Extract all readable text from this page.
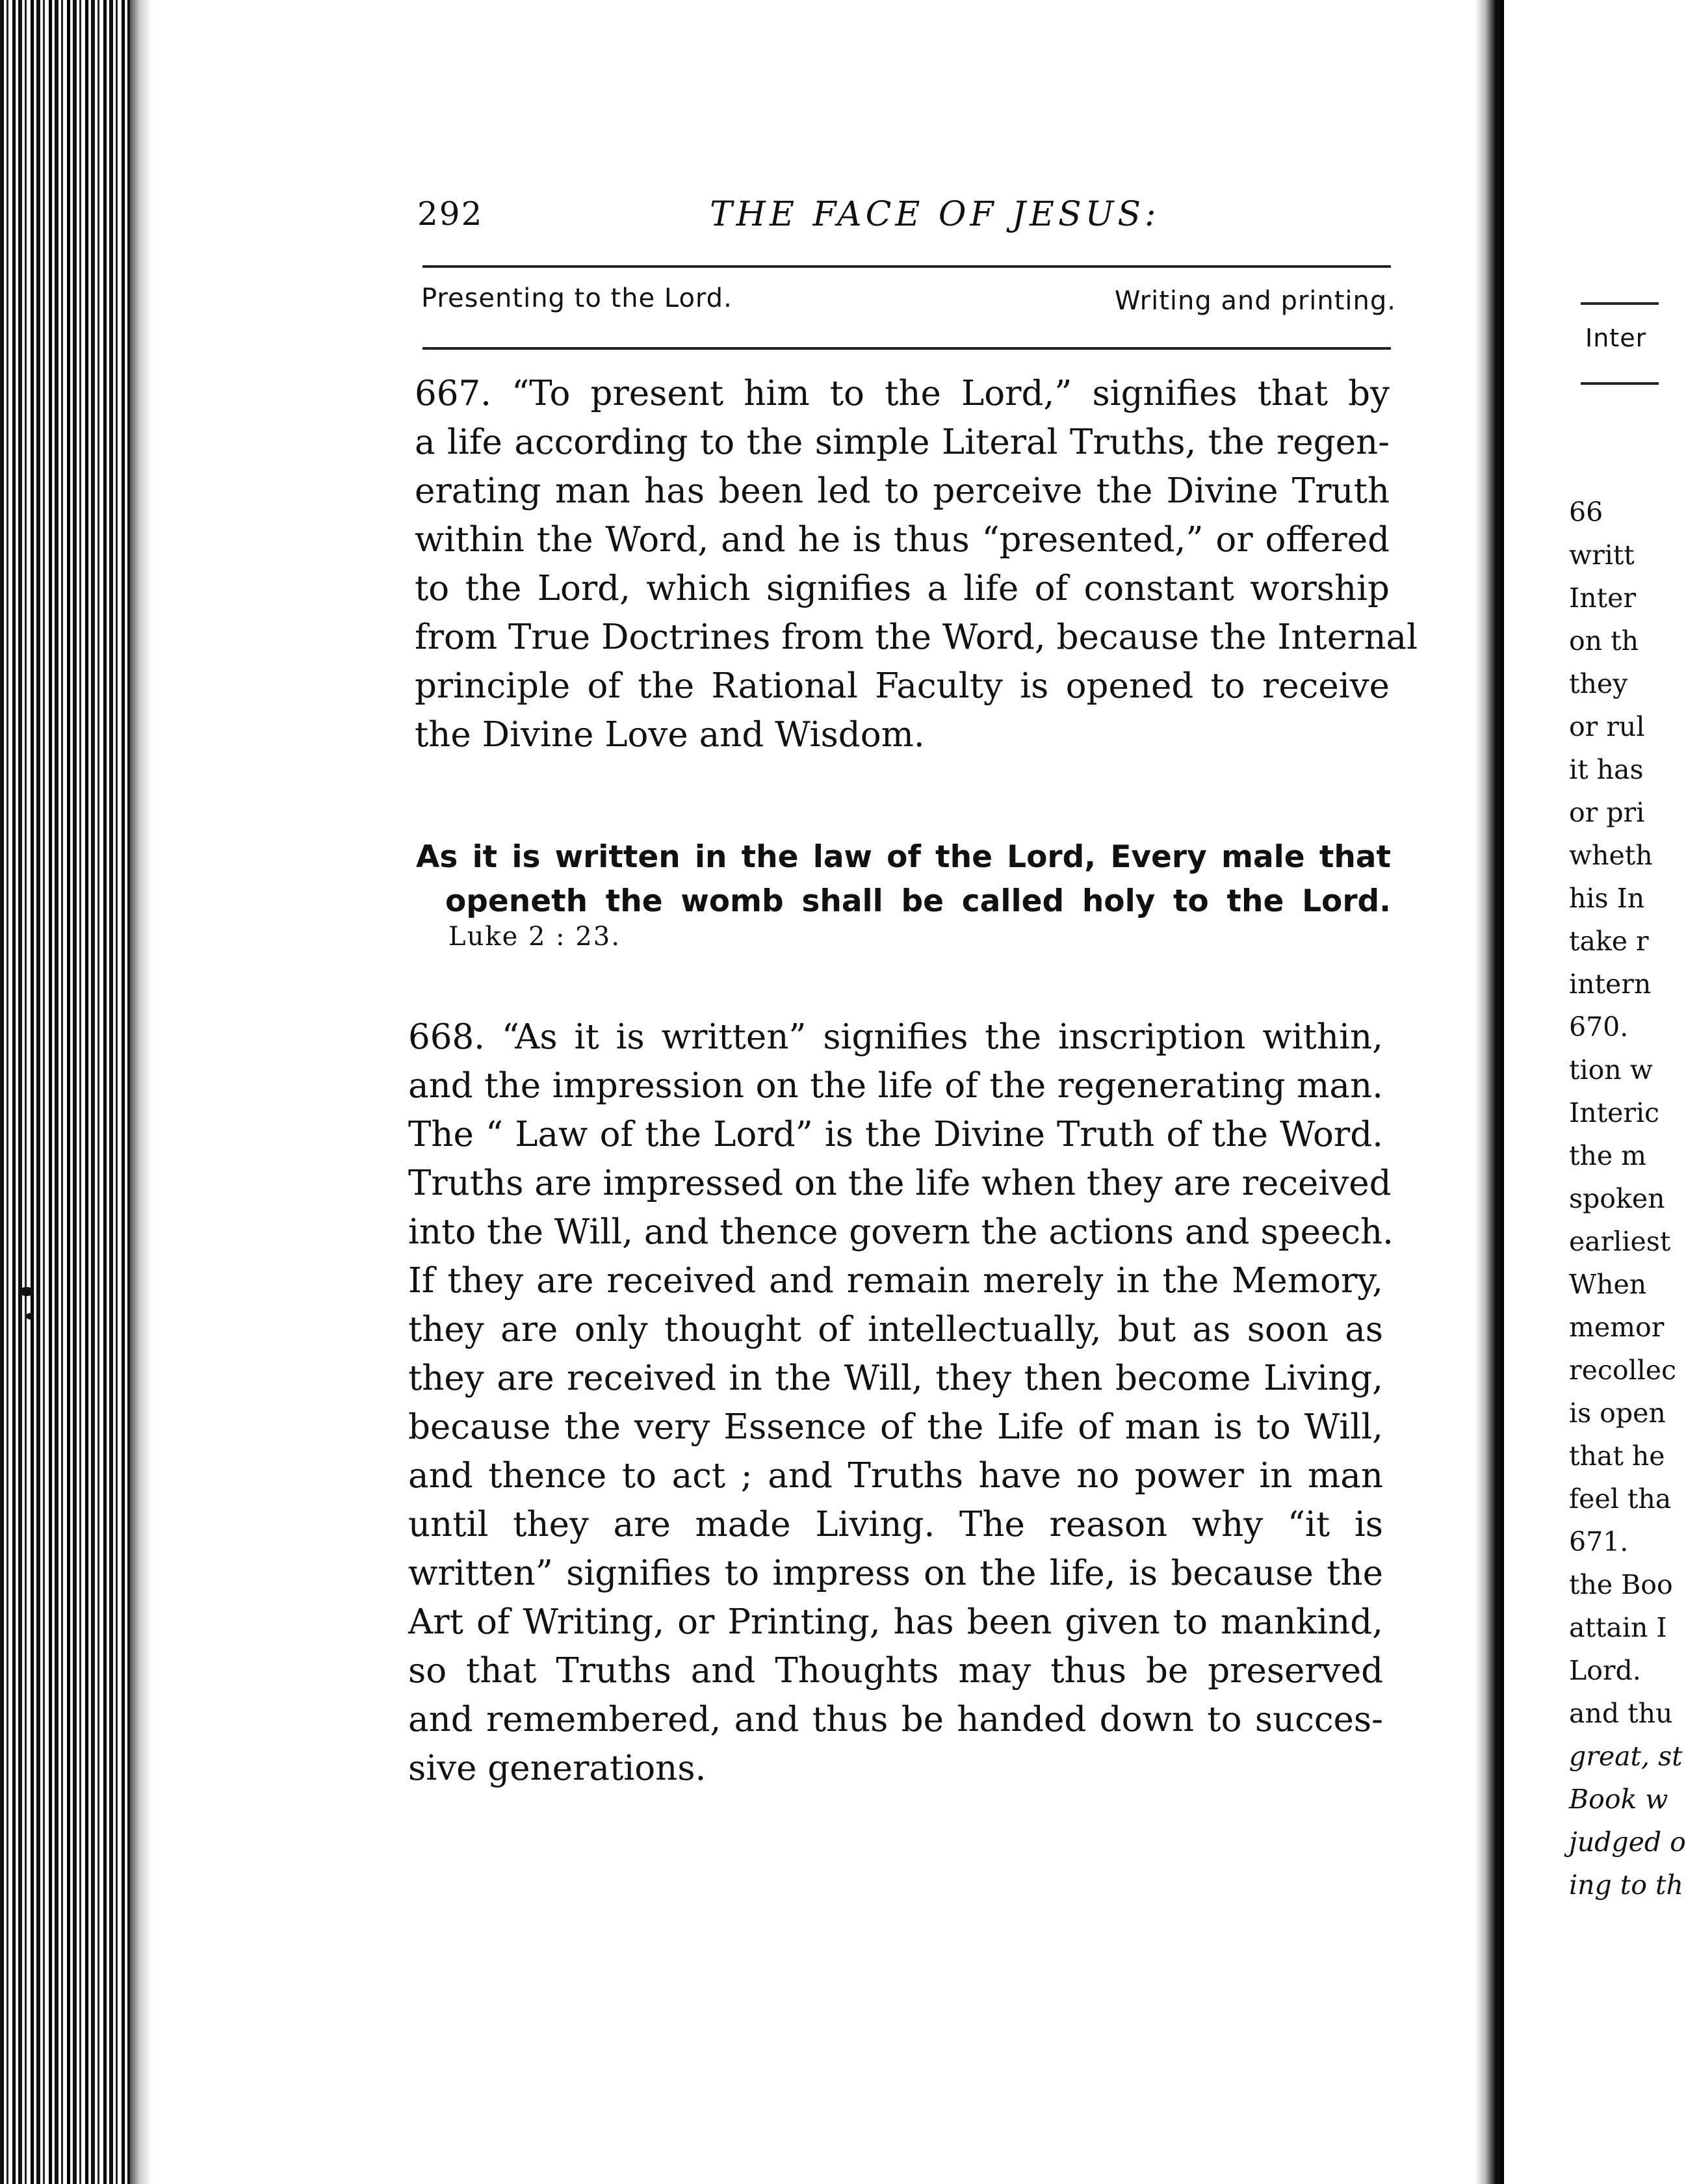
292	THE FACE OF JESUS:
Presenting to the Lord.	Writing and printing.
667. “To present him to the Lord,” signifies that by
a life according to the simple Literal Truths, the regen-
erating man has been led to perceive the Divine Truth
within the Word, and he is thus “presented,” or offered
to the Lord, which signifies a life of constant worship
from True Doctrines from the Word, because the Internal
principle of the Rational Faculty is opened to receive
the Divine Love and Wisdom.
As it is written in the law of the Lord, Every male that
openeth the womb shall be called holy to the Lord.
Luke 2 : 23.
668. “As it is written” signifies the inscription within,
and the impression on the life of the regenerating man.
The “ Law of the Lord” is the Divine Truth of the Word.
Truths are impressed on the life when they are received
into the Will, and thence govern the actions and speech.
If they are received and remain merely in the Memory,
they are only thought of intellectually, but as soon as
they are received in the Will, they then become Living,
because the very Essence of the Life of man is to Will,
and thence to act ; and Truths have no power in man
until they are made Living. The reason why “it is
written” signifies to impress on the life, is because the
Art of Writing, or Printing, has been given to mankind,
so that Truths and Thoughts may thus be preserved
and remembered, and thus be handed down to succes-
sive generations.
Inter
66
writt
Inter
on th
they
or rul
it has
or pri
wheth
his In
take r
intern
670.
tion w
Interic
the m
spoken
earliest
When
memor
recollec
is open
that he
feel tha
671.
the Boo
attain I
Lord.
and thu
great, st
Book w
judged o
ing to th
